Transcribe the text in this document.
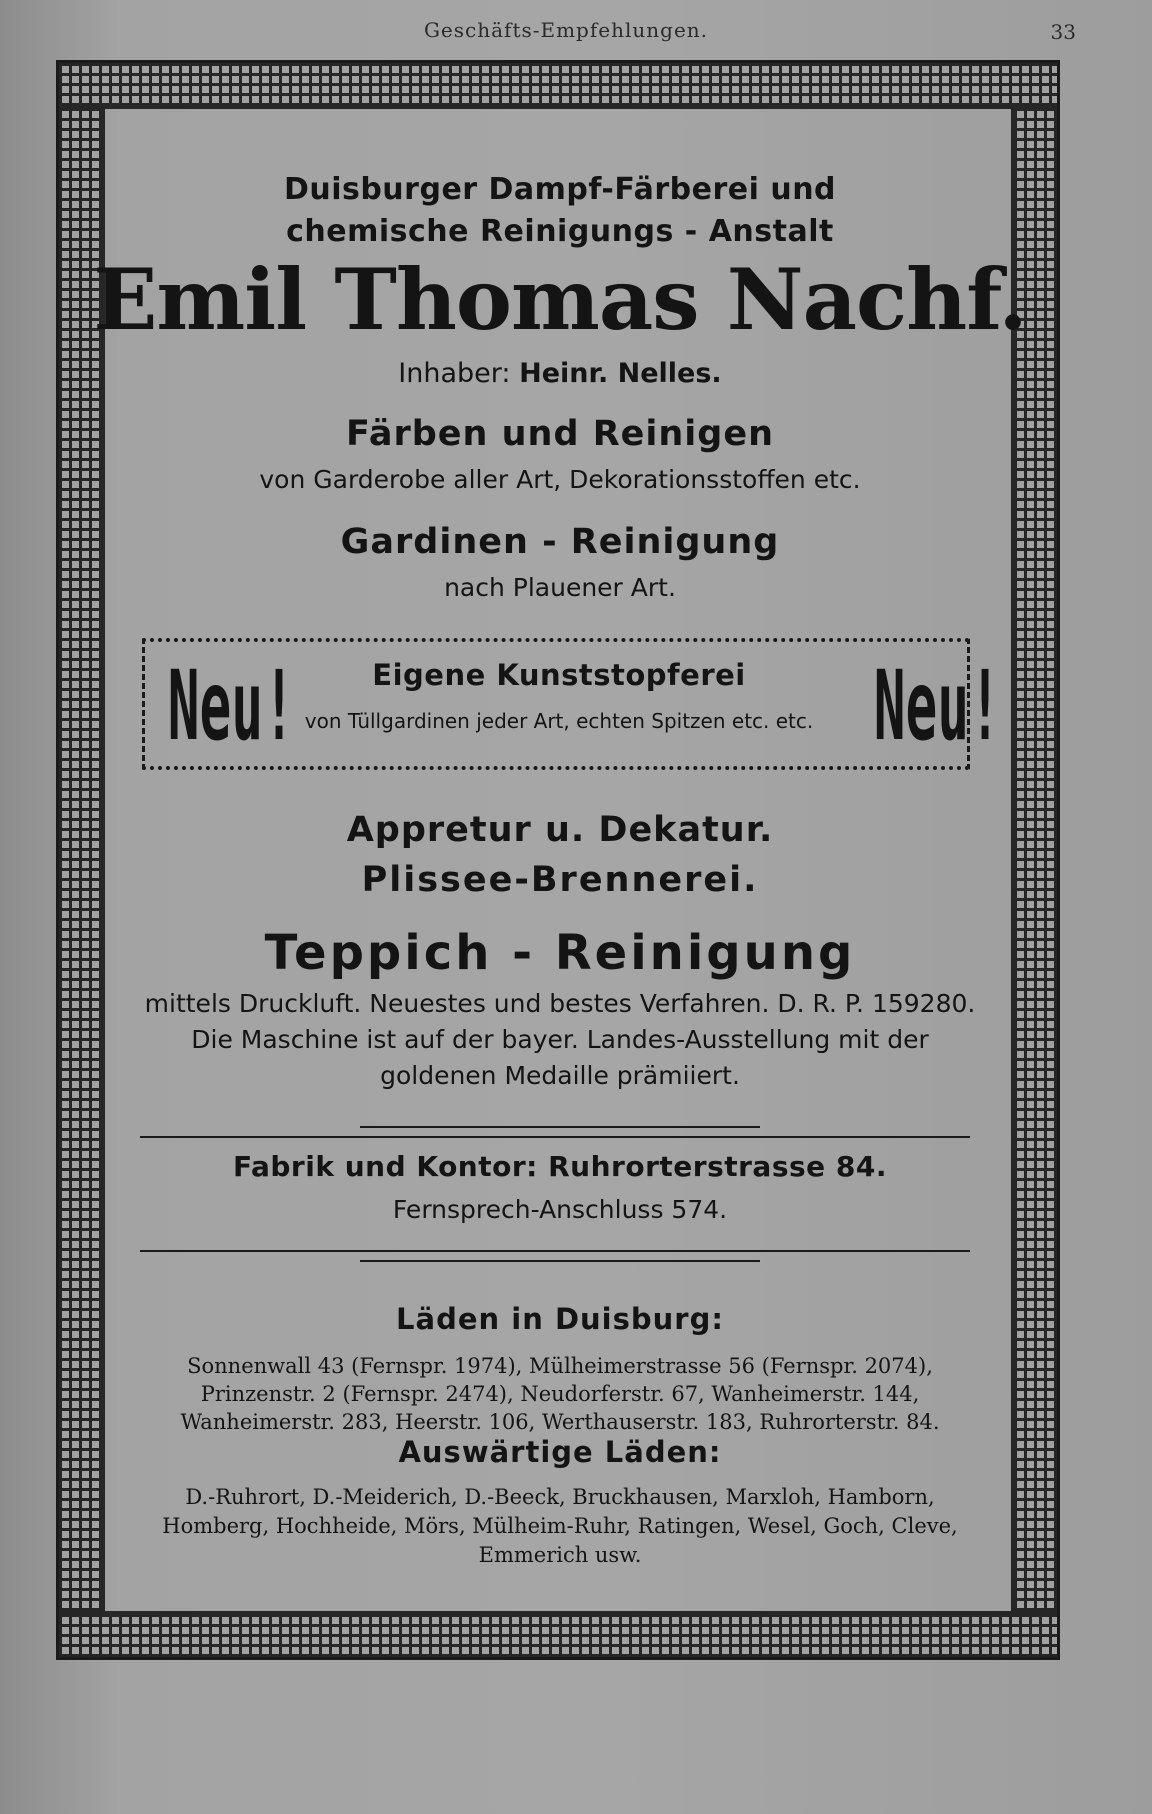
Geschäfts-Empfehlungen.	33
Duisburger Dampf-Färberei und
chemische Reinigungs - Anstalt
Emil Thomas Nachf.
Inhaber: Heinr. Nelles.
Färben und Reinigen
von Garderobe aller Art, Dekorationsstoffen etc.
Gardinen - Reinigung
nach Plauener Art.
Neu!	Eigene Kunststopferei
von Tüllgardinen jeder Art, echten Spitzen etc. etc. Neu!
Appretur u. Dekatur.
Plissee-Brennerei.
Teppich - Reinigung
mittels Druckluft. Neuestes und bestes Verfahren. D. R. P. 159280. Die Maschine ist auf der bayer. Landes-Ausstellung mit der goldenen Medaille prämiiert.
Fabrik und Kontor: Ruhrorterstrasse 84.
Fernsprech-Anschluss 574.
Läden in Duisburg:
Sonnenwall 43 (Fernspr. 1974), Mülheimerstrasse 56 (Fernspr. 2074), Prinzenstr. 2 (Fernspr. 2474), Neudorferstr. 67, Wanheimerstr. 144, Wanheimerstr. 283, Heerstr. 106, Werthauserstr. 183, Ruhrorterstr. 84.
Auswärtige Läden:
D.-Ruhrort, D.-Meiderich, D.-Beeck, Bruckhausen, Marxloh, Hamborn, Homberg, Hochheide, Mörs, Mülheim-Ruhr, Ratingen, Wesel, Goch, Cleve, Emmerich usw.
